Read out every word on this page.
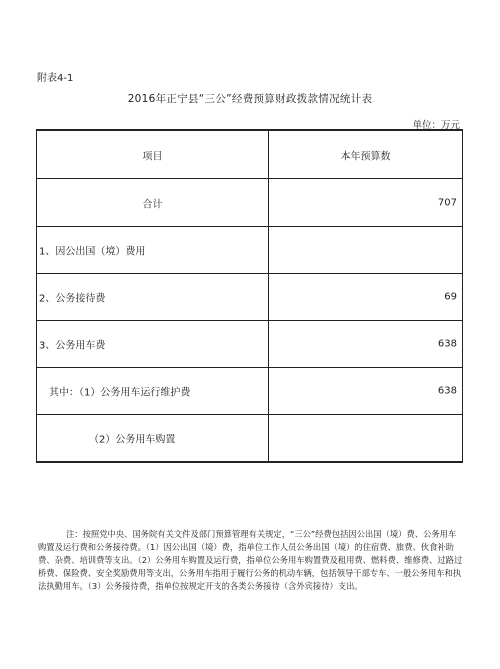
附表4-1
2016年正宁县“三公”经费预算财政拨款情况统计表
单位：万元
项目	本年预算数
合计	707
1、因公出国（境）费用
2、公务接待费	69
3、公务用车费	638
其中：（1）公务用车运行维护费	638
（2）公务用车购置

注：按照党中央、国务院有关文件及部门预算管理有关规定，“三公”经费包括因公出国（境）费、公务用车购置及运行费和公务接待费。（1）因公出国（境）费，指单位工作人员公务出国（境）的住宿费、旅费、伙食补助费、杂费、培训费等支出。（2）公务用车购置及运行费，指单位公务用车购置费及租用费、燃料费、维修费、过路过桥费、保险费、安全奖励费用等支出，公务用车指用于履行公务的机动车辆，包括领导干部专车、一般公务用车和执法执勤用车。（3）公务接待费，指单位按规定开支的各类公务接待（含外宾接待）支出。
